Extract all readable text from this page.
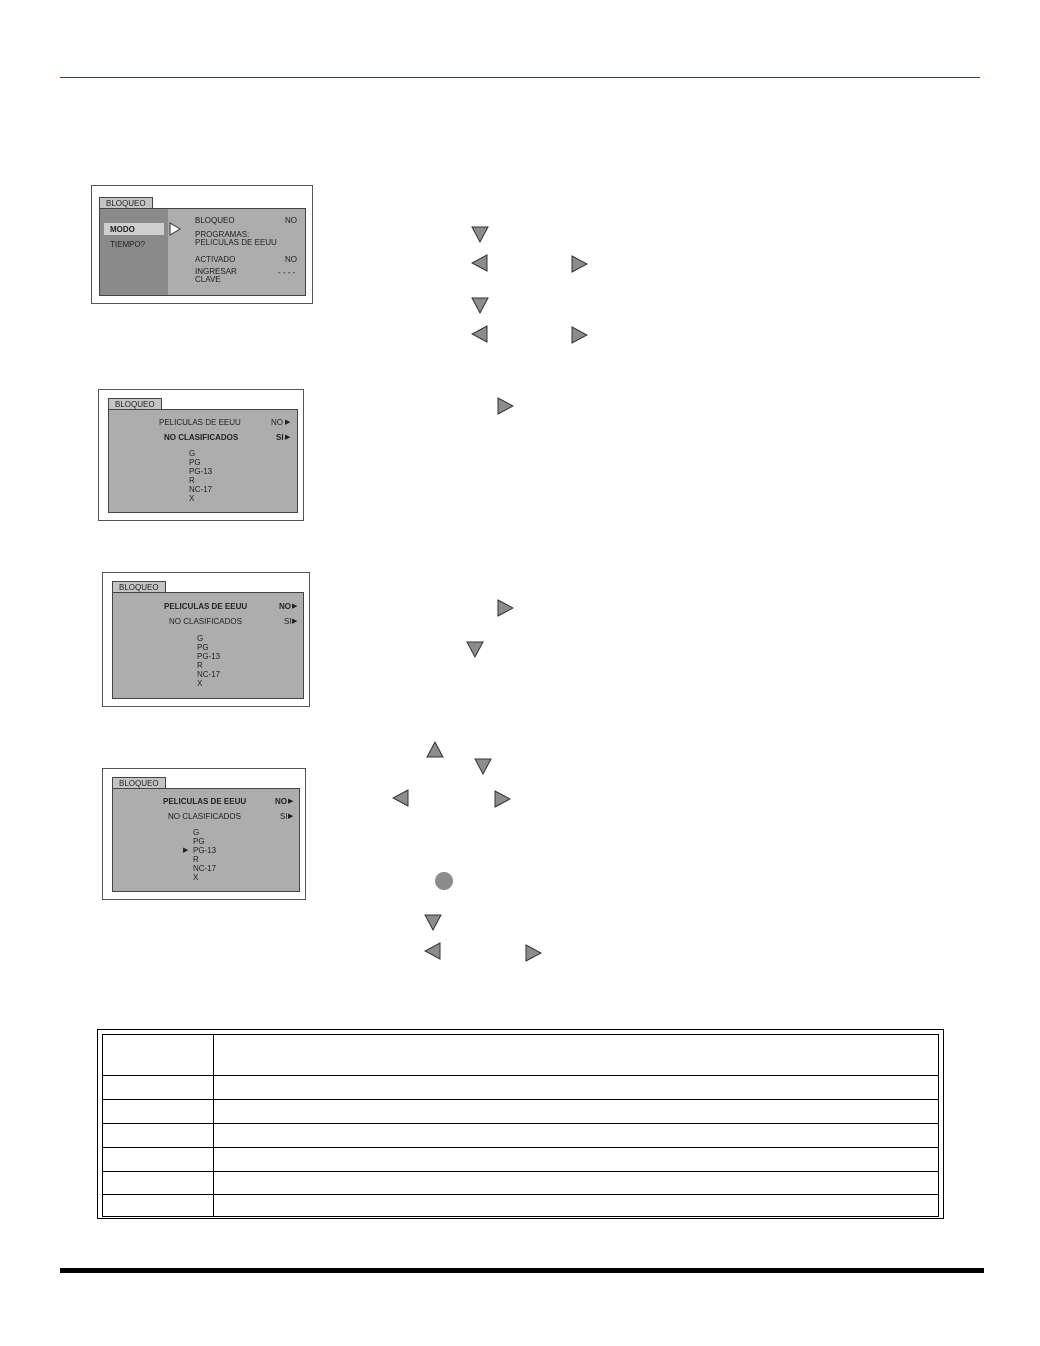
BLOQUEO
MODO
TIEMPO?
BLOQUEO	NO
PROGRAMAS:
PELICULAS DE EEUU
ACTIVADO	NO
INGRESAR
CLAVE
- - - -
BLOQUEO
PELICULAS DE EEUU	NO ▶
NO CLASIFICADOS	SI ▶
G
PG
PG-13
R
NC-17
X
BLOQUEO
PELICULAS DE EEUU	NO ▶
NO CLASIFICADOS	SI ▶
G
PG
PG-13
R
NC-17
X
BLOQUEO
PELICULAS DE EEUU	NO ▶
NO CLASIFICADOS	SI ▶
G
PG
▶ PG-13
R
NC-17
X
